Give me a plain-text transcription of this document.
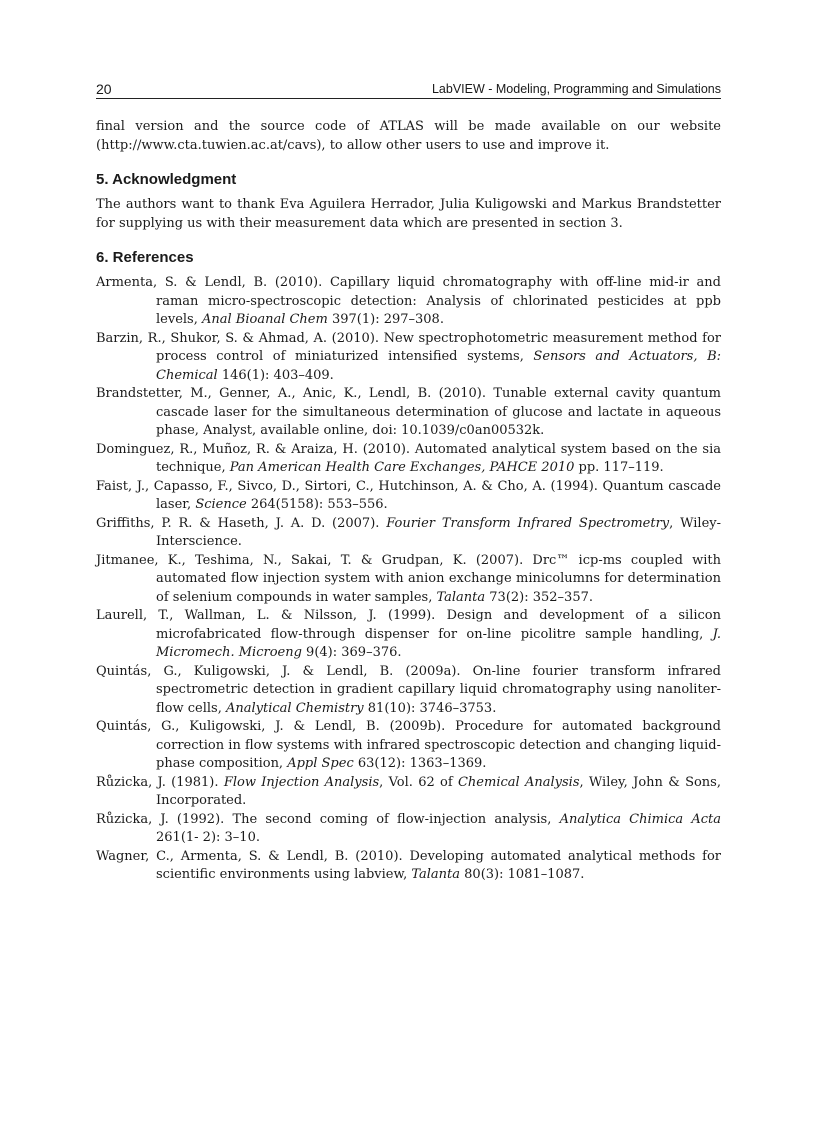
20	LabVIEW - Modeling, Programming and Simulations

final version and the source code of ATLAS will be made available on our website (http://www.cta.tuwien.ac.at/cavs), to allow other users to use and improve it.

5. Acknowledgment

The authors want to thank Eva Aguilera Herrador, Julia Kuligowski and Markus Brandstetter for supplying us with their measurement data which are presented in section 3.

6. References
Armenta, S. & Lendl, B. (2010). Capillary liquid chromatography with off-line mid-ir and raman micro-spectroscopic detection: Analysis of chlorinated pesticides at ppb levels, Anal Bioanal Chem 397(1): 297–308.
Barzin, R., Shukor, S. & Ahmad, A. (2010). New spectrophotometric measurement method for process control of miniaturized intensified systems, Sensors and Actuators, B: Chemical 146(1): 403–409.
Brandstetter, M., Genner, A., Anic, K., Lendl, B. (2010). Tunable external cavity quantum cascade laser for the simultaneous determination of glucose and lactate in aqueous phase, Analyst, available online, doi: 10.1039/c0an00532k.
Dominguez, R., Muñoz, R. & Araiza, H. (2010). Automated analytical system based on the sia technique, Pan American Health Care Exchanges, PAHCE 2010 pp. 117–119.
Faist, J., Capasso, F., Sivco, D., Sirtori, C., Hutchinson, A. & Cho, A. (1994). Quantum cascade laser, Science 264(5158): 553–556.
Griffiths, P. R. & Haseth, J. A. D. (2007). Fourier Transform Infrared Spectrometry, Wiley-Interscience.
Jitmanee, K., Teshima, N., Sakai, T. & Grudpan, K. (2007). Drc™ icp-ms coupled with automated flow injection system with anion exchange minicolumns for determination of selenium compounds in water samples, Talanta 73(2): 352–357.
Laurell, T., Wallman, L. & Nilsson, J. (1999). Design and development of a silicon microfabricated flow-through dispenser for on-line picolitre sample handling, J. Micromech. Microeng 9(4): 369–376.
Quintás, G., Kuligowski, J. & Lendl, B. (2009a). On-line fourier transform infrared spectrometric detection in gradient capillary liquid chromatography using nanoliter-flow cells, Analytical Chemistry 81(10): 3746–3753.
Quintás, G., Kuligowski, J. & Lendl, B. (2009b). Procedure for automated background correction in flow systems with infrared spectroscopic detection and changing liquid-phase composition, Appl Spec 63(12): 1363–1369.
Růzicka, J. (1981). Flow Injection Analysis, Vol. 62 of Chemical Analysis, Wiley, John & Sons, Incorporated.
Růzicka, J. (1992). The second coming of flow-injection analysis, Analytica Chimica Acta 261(1- 2): 3–10.
Wagner, C., Armenta, S. & Lendl, B. (2010). Developing automated analytical methods for scientific environments using labview, Talanta 80(3): 1081–1087.
